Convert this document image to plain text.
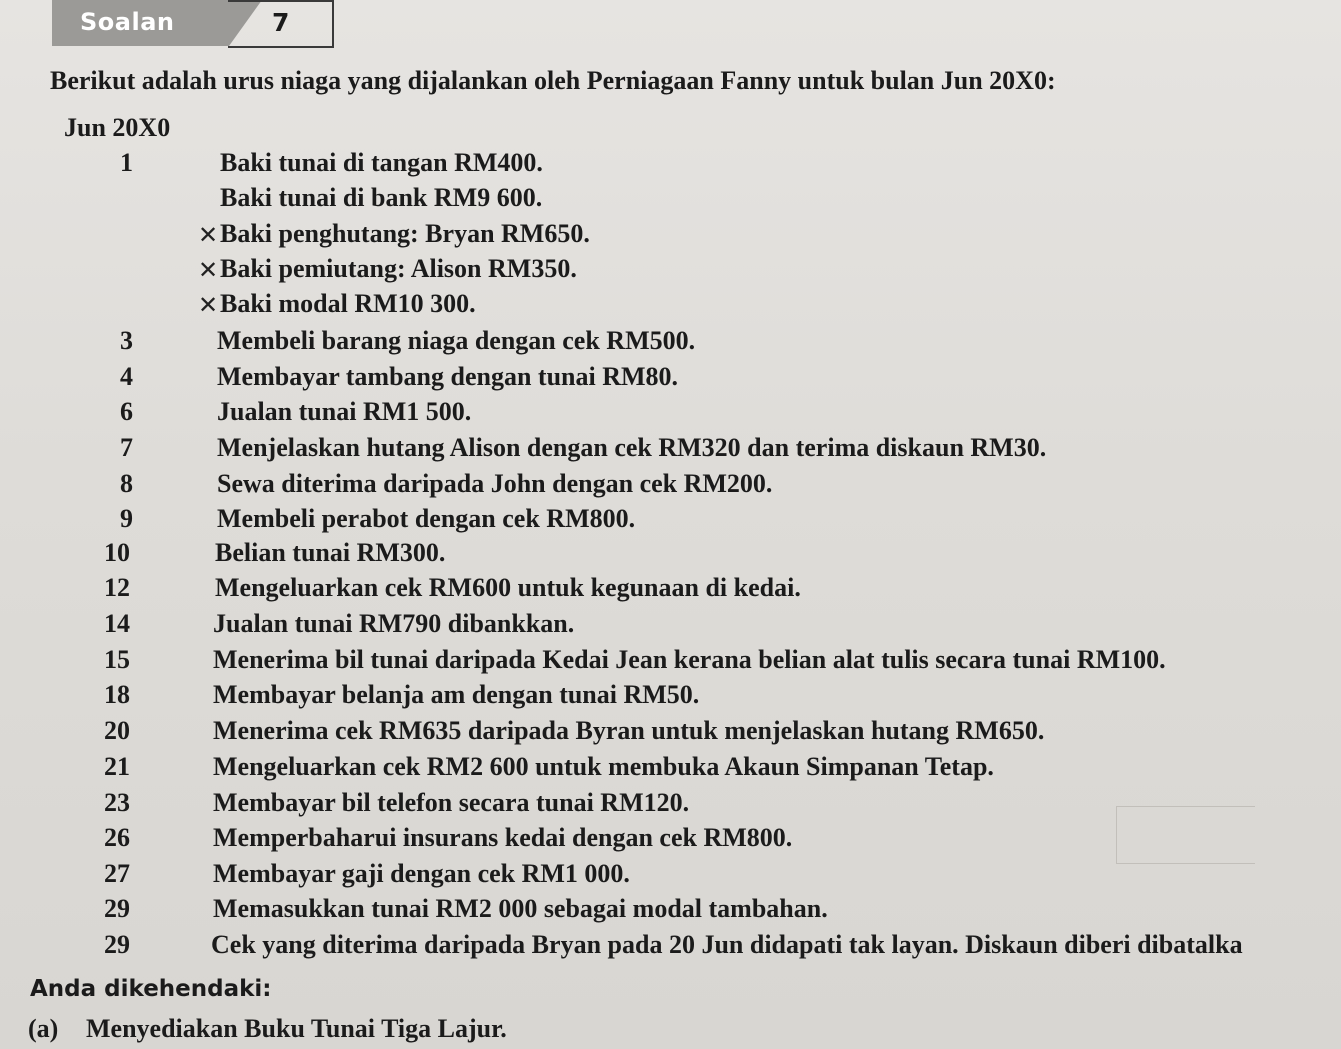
Soalan	7
Berikut adalah urus niaga yang dijalankan oleh Perniagaan Fanny untuk bulan Jun 20X0:
Jun 20X0
1	Baki tunai di tangan RM400.
Baki tunai di bank RM9 600.
✕ Baki penghutang: Bryan RM650.
✕ Baki pemiutang: Alison RM350.
✕ Baki modal RM10 300.
3	Membeli barang niaga dengan cek RM500.
4	Membayar tambang dengan tunai RM80.
6	Jualan tunai RM1 500.
7	Menjelaskan hutang Alison dengan cek RM320 dan terima diskaun RM30.
8	Sewa diterima daripada John dengan cek RM200.
9	Membeli perabot dengan cek RM800.
10	Belian tunai RM300.
12	Mengeluarkan cek RM600 untuk kegunaan di kedai.
14	Jualan tunai RM790 dibankkan.
15	Menerima bil tunai daripada Kedai Jean kerana belian alat tulis secara tunai RM100.
18	Membayar belanja am dengan tunai RM50.
20	Menerima cek RM635 daripada Byran untuk menjelaskan hutang RM650.
21	Mengeluarkan cek RM2 600 untuk membuka Akaun Simpanan Tetap.
23	Membayar bil telefon secara tunai RM120.
26	Memperbaharui insurans kedai dengan cek RM800.
27	Membayar gaji dengan cek RM1 000.
29	Memasukkan tunai RM2 000 sebagai modal tambahan.
29	Cek yang diterima daripada Bryan pada 20 Jun didapati tak layan. Diskaun diberi dibatalka
Anda dikehendaki:
(a) Menyediakan Buku Tunai Tiga Lajur.
